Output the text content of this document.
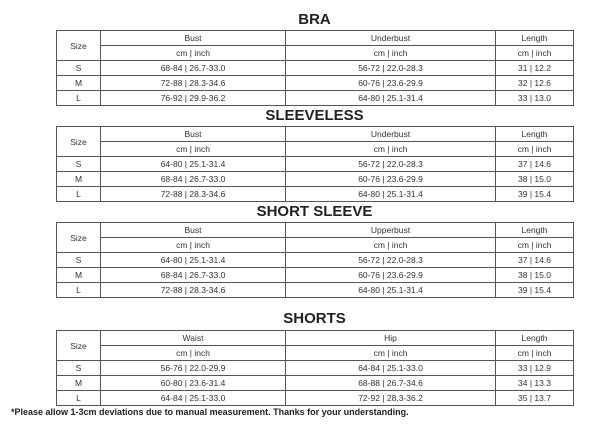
BRA
Size	Bust	Underbust	Length
	cm | inch	cm | inch	cm | inch
S	68-84 | 26.7-33.0	56-72 | 22.0-28.3	31 | 12.2
M	72-88 | 28.3-34.6	60-76 | 23.6-29.9	32 | 12.6
L	76-92 | 29.9-36.2	64-80 | 25.1-31.4	33 | 13.0
SLEEVELESS
Size	Bust	Underbust	Length
	cm | inch	cm | inch	cm | inch
S	64-80 | 25.1-31.4	56-72 | 22.0-28.3	37 | 14.6
M	68-84 | 26.7-33.0	60-76 | 23.6-29.9	38 | 15.0
L	72-88 | 28.3-34.6	64-80 | 25.1-31.4	39 | 15.4
SHORT SLEEVE
Size	Bust	Upperbust	Length
	cm | inch	cm | inch	cm | inch
S	64-80 | 25.1-31.4	56-72 | 22.0-28.3	37 | 14.6
M	68-84 | 26.7-33.0	60-76 | 23.6-29.9	38 | 15.0
L	72-88 | 28.3-34.6	64-80 | 25.1-31.4	39 | 15.4
SHORTS
Size	Waist	Hip	Length
	cm | inch	cm | inch	cm | inch
S	56-76 | 22.0-29.9	64-84 | 25.1-33.0	33 | 12.9
M	60-80 | 23.6-31.4	68-88 | 26.7-34.6	34 | 13.3
L	64-84 | 25.1-33.0	72-92 | 28.3-36.2	35 | 13.7
*Please allow 1-3cm deviations due to manual measurement. Thanks for your understanding.
